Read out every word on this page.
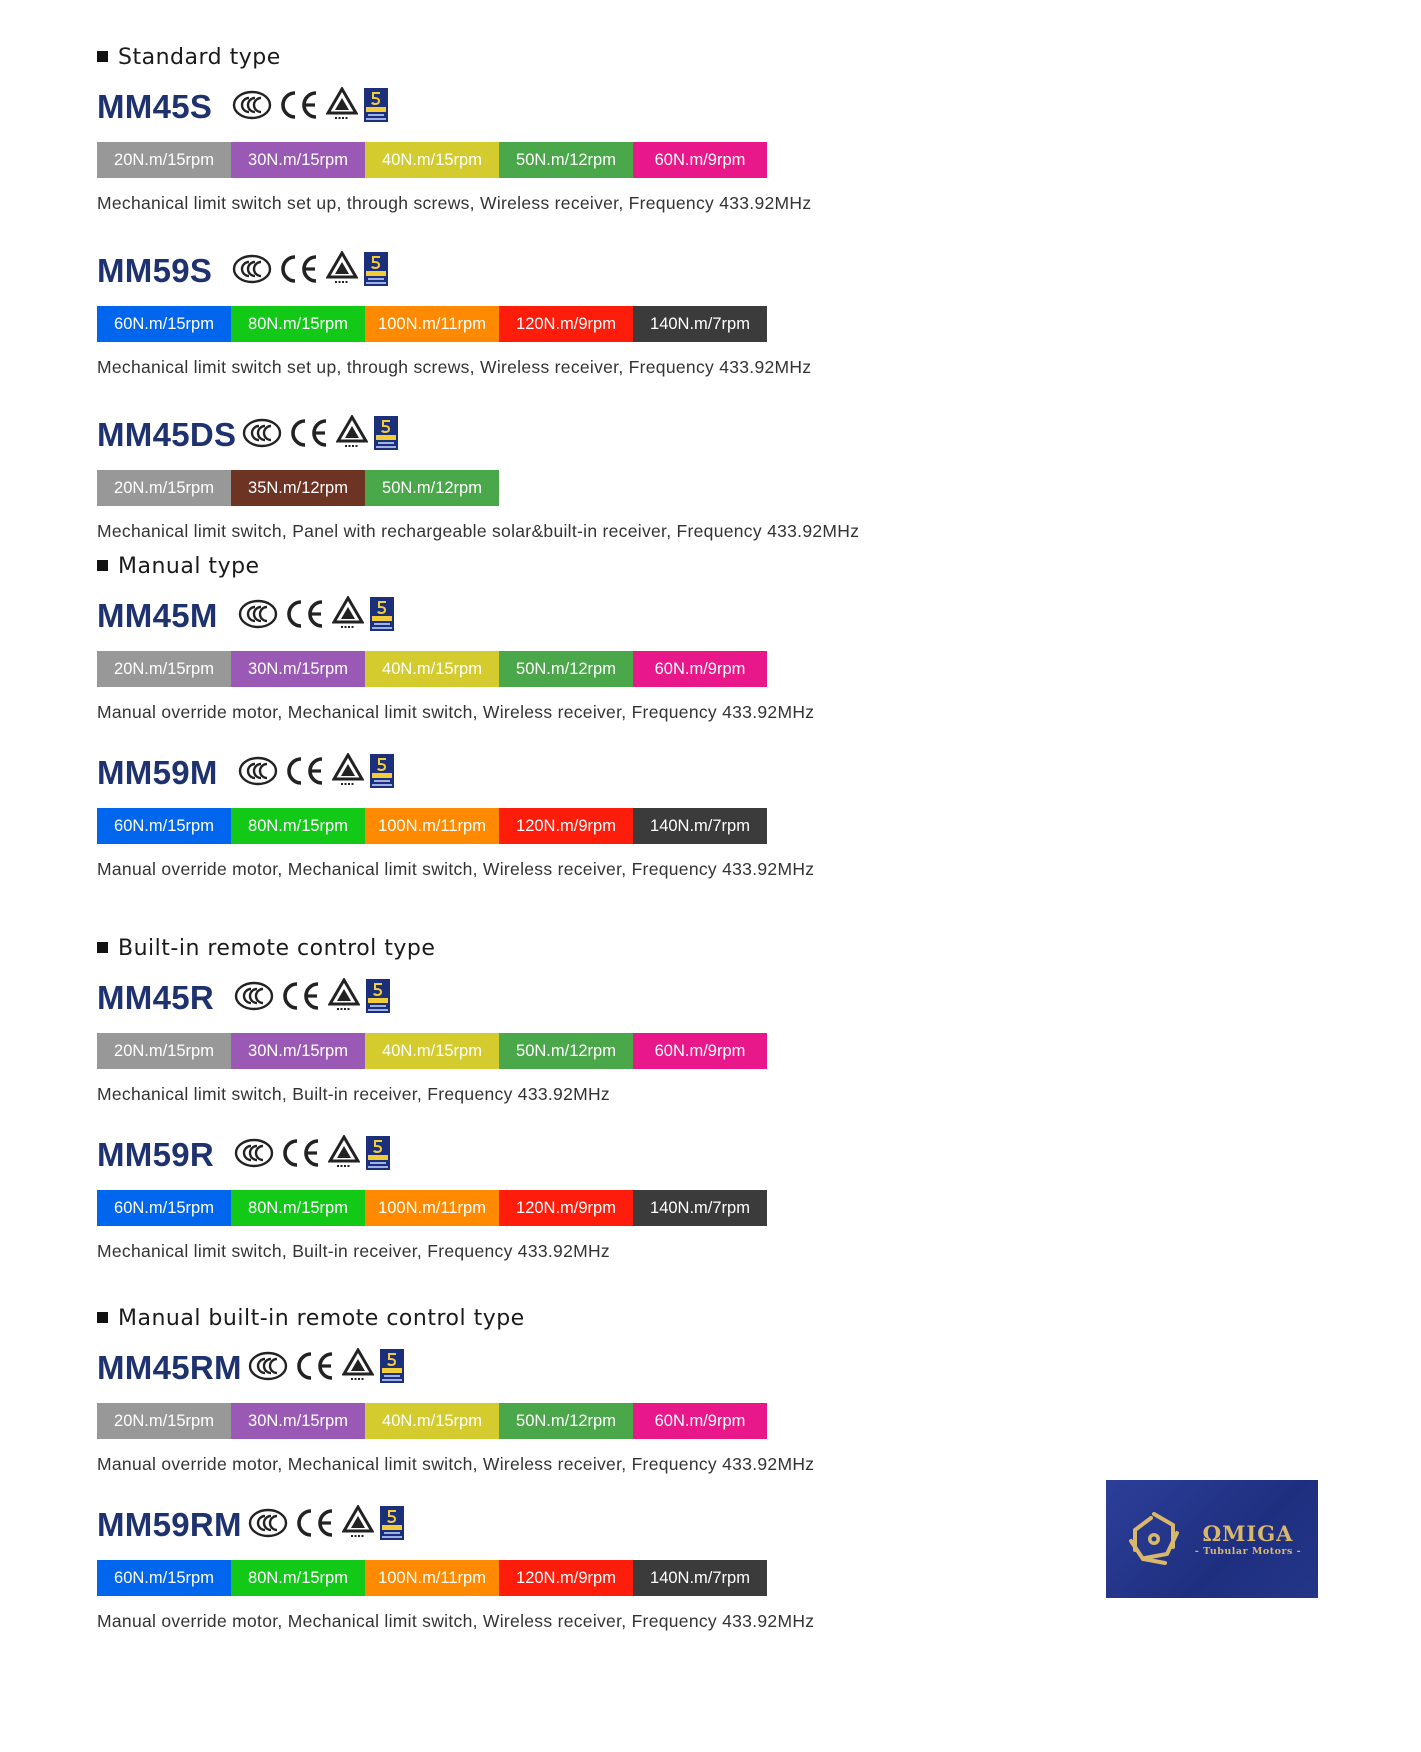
Standard type
MM45S
20N.m/15rpm	30N.m/15rpm	40N.m/15rpm	50N.m/12rpm	60N.m/9rpm
Mechanical limit switch set up, through screws, Wireless receiver, Frequency 433.92MHz
MM59S
60N.m/15rpm	80N.m/15rpm	100N.m/11rpm	120N.m/9rpm	140N.m/7rpm
Mechanical limit switch set up, through screws, Wireless receiver, Frequency 433.92MHz
MM45DS
20N.m/15rpm	35N.m/12rpm	50N.m/12rpm
Mechanical limit switch, Panel with rechargeable solar&built-in receiver, Frequency 433.92MHz
Manual type
MM45M
20N.m/15rpm	30N.m/15rpm	40N.m/15rpm	50N.m/12rpm	60N.m/9rpm
Manual override motor, Mechanical limit switch, Wireless receiver, Frequency 433.92MHz
MM59M
60N.m/15rpm	80N.m/15rpm	100N.m/11rpm	120N.m/9rpm	140N.m/7rpm
Manual override motor, Mechanical limit switch, Wireless receiver, Frequency 433.92MHz
Built-in remote control type
MM45R
20N.m/15rpm	30N.m/15rpm	40N.m/15rpm	50N.m/12rpm	60N.m/9rpm
Mechanical limit switch, Built-in receiver, Frequency 433.92MHz
MM59R
60N.m/15rpm	80N.m/15rpm	100N.m/11rpm	120N.m/9rpm	140N.m/7rpm
Mechanical limit switch, Built-in receiver, Frequency 433.92MHz
Manual built-in remote control type
MM45RM
20N.m/15rpm	30N.m/15rpm	40N.m/15rpm	50N.m/12rpm	60N.m/9rpm
Manual override motor, Mechanical limit switch, Wireless receiver, Frequency 433.92MHz
MM59RM
60N.m/15rpm	80N.m/15rpm	100N.m/11rpm	120N.m/9rpm	140N.m/7rpm
Manual override motor, Mechanical limit switch, Wireless receiver, Frequency 433.92MHz
ΩMIGA
- Tubular Motors -
